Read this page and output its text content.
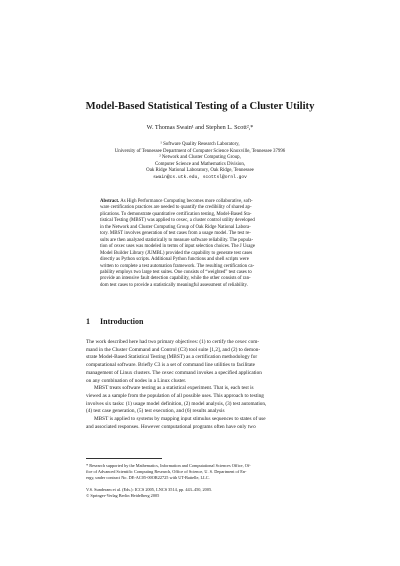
Model-Based Statistical Testing of a Cluster Utility
W. Thomas Swain¹ and Stephen L. Scott²,*
¹ Software Quality Research Laboratory,
University of Tennessee Department of Computer Science Knoxville, Tennessee 37996
² Network and Cluster Computing Group,
Computer Science and Mathematics Division,
Oak Ridge National Laboratory, Oak Ridge, Tennessee
swain@cs.utk.edu, scottsl@ornl.gov
Abstract. As High Performance Computing becomes more collaborative, soft-
ware certification practices are needed to quantify the credibility of shared ap-
plications. To demonstrate quantitative certification testing, Model-Based Sta-
tistical Testing (MBST) was applied to cexec, a cluster control utility developed
in the Network and Cluster Computing Group of Oak Ridge National Labora-
tory. MBST involves generation of test cases from a usage model. The test re-
sults are then analyzed statistically to measure software reliability. The popula-
tion of cexec uses was modeled in terms of input selection choices. The J Usage
Model Builder Library (JUMBL) provided the capability to generate test cases
directly as Python scripts. Additional Python functions and shell scripts were
written to complete a test automation framework. The resulting certification ca-
pability employs two large test suites. One consists of “weighted” test cases to
provide an intensive fault detection capability, while the other consists of ran-
dom test cases to provide a statistically meaningful assessment of reliability.
1 Introduction
The work described here had two primary objectives: (1) to certify the cexec com-
mand in the Cluster Command and Control (C3) tool suite [1,2], and (2) to demon-
strate Model-Based Statistical Testing (MBST) as a certification methodology for
computational software. Briefly C3 is a set of command line utilities to facilitate
management of Linux clusters. The cexec command invokes a specified application
on any combination of nodes in a Linux cluster.
MBST treats software testing as a statistical experiment. That is, each test is
viewed as a sample from the population of all possible uses. This approach to testing
involves six tasks: (1) usage model definition, (2) model analysis, (3) test automation,
(4) test case generation, (5) test execution, and (6) results analysis
MBST is applied to systems by mapping input stimulus sequences to states of use
and associated responses. However computational programs often have only two
* Research supported by the Mathematics, Information and Computational Sciences Office, Of-
fice of Advanced Scientific Computing Research, Office of Science, U. S. Department of En-
ergy, under contract No. DE-AC05-00OR22725 with UT-Battelle, LLC.
V.S. Sunderam et al. (Eds.): ICCS 2005, LNCS 3514, pp. 443–450, 2005.
© Springer-Verlag Berlin Heidelberg 2005
